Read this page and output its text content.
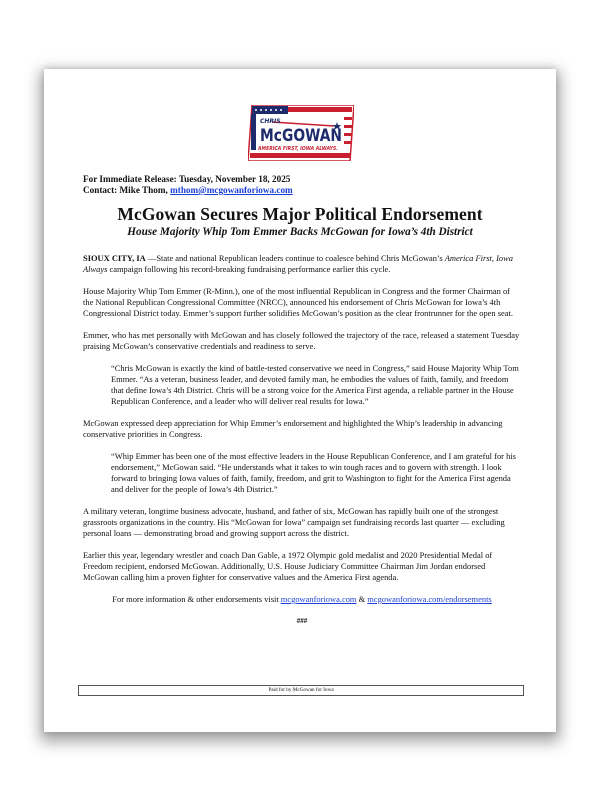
CHRIS
McGOWAN
AMERICA FIRST, IOWA ALWAYS.
For Immediate Release: Tuesday, November 18, 2025
Contact: Mike Thom, mthom@mcgowanforiowa.com
McGowan Secures Major Political Endorsement
House Majority Whip Tom Emmer Backs McGowan for Iowa’s 4th District

SIOUX CITY, IA —State and national Republican leaders continue to coalesce behind Chris McGowan’s America First, Iowa Always campaign following his record-breaking fundraising performance earlier this cycle.

House Majority Whip Tom Emmer (R-Minn.), one of the most influential Republican in Congress and the former Chairman of the National Republican Congressional Committee (NRCC), announced his endorsement of Chris McGowan for Iowa’s 4th Congressional District today. Emmer’s support further solidifies McGowan’s position as the clear frontrunner for the open seat.

Emmer, who has met personally with McGowan and has closely followed the trajectory of the race, released a statement Tuesday praising McGowan’s conservative credentials and readiness to serve.

“Chris McGowan is exactly the kind of battle-tested conservative we need in Congress,” said House Majority Whip Tom Emmer. “As a veteran, business leader, and devoted family man, he embodies the values of faith, family, and freedom that define Iowa’s 4th District. Chris will be a strong voice for the America First agenda, a reliable partner in the House Republican Conference, and a leader who will deliver real results for Iowa.”

McGowan expressed deep appreciation for Whip Emmer’s endorsement and highlighted the Whip’s leadership in advancing conservative priorities in Congress.

“Whip Emmer has been one of the most effective leaders in the House Republican Conference, and I am grateful for his endorsement,” McGowan said. “He understands what it takes to win tough races and to govern with strength. I look forward to bringing Iowa values of faith, family, freedom, and grit to Washington to fight for the America First agenda and deliver for the people of Iowa’s 4th District.”

A military veteran, longtime business advocate, husband, and father of six, McGowan has rapidly built one of the strongest grassroots organizations in the country. His “McGowan for Iowa” campaign set fundraising records last quarter — excluding personal loans — demonstrating broad and growing support across the district.

Earlier this year, legendary wrestler and coach Dan Gable, a 1972 Olympic gold medalist and 2020 Presidential Medal of Freedom recipient, endorsed McGowan. Additionally, U.S. House Judiciary Committee Chairman Jim Jordan endorsed McGowan calling him a proven fighter for conservative values and the America First agenda.

For more information & other endorsements visit mcgowanforiowa.com & mcgowanforiowa.com/endorsements

###

Paid for by McGowan for Iowa
